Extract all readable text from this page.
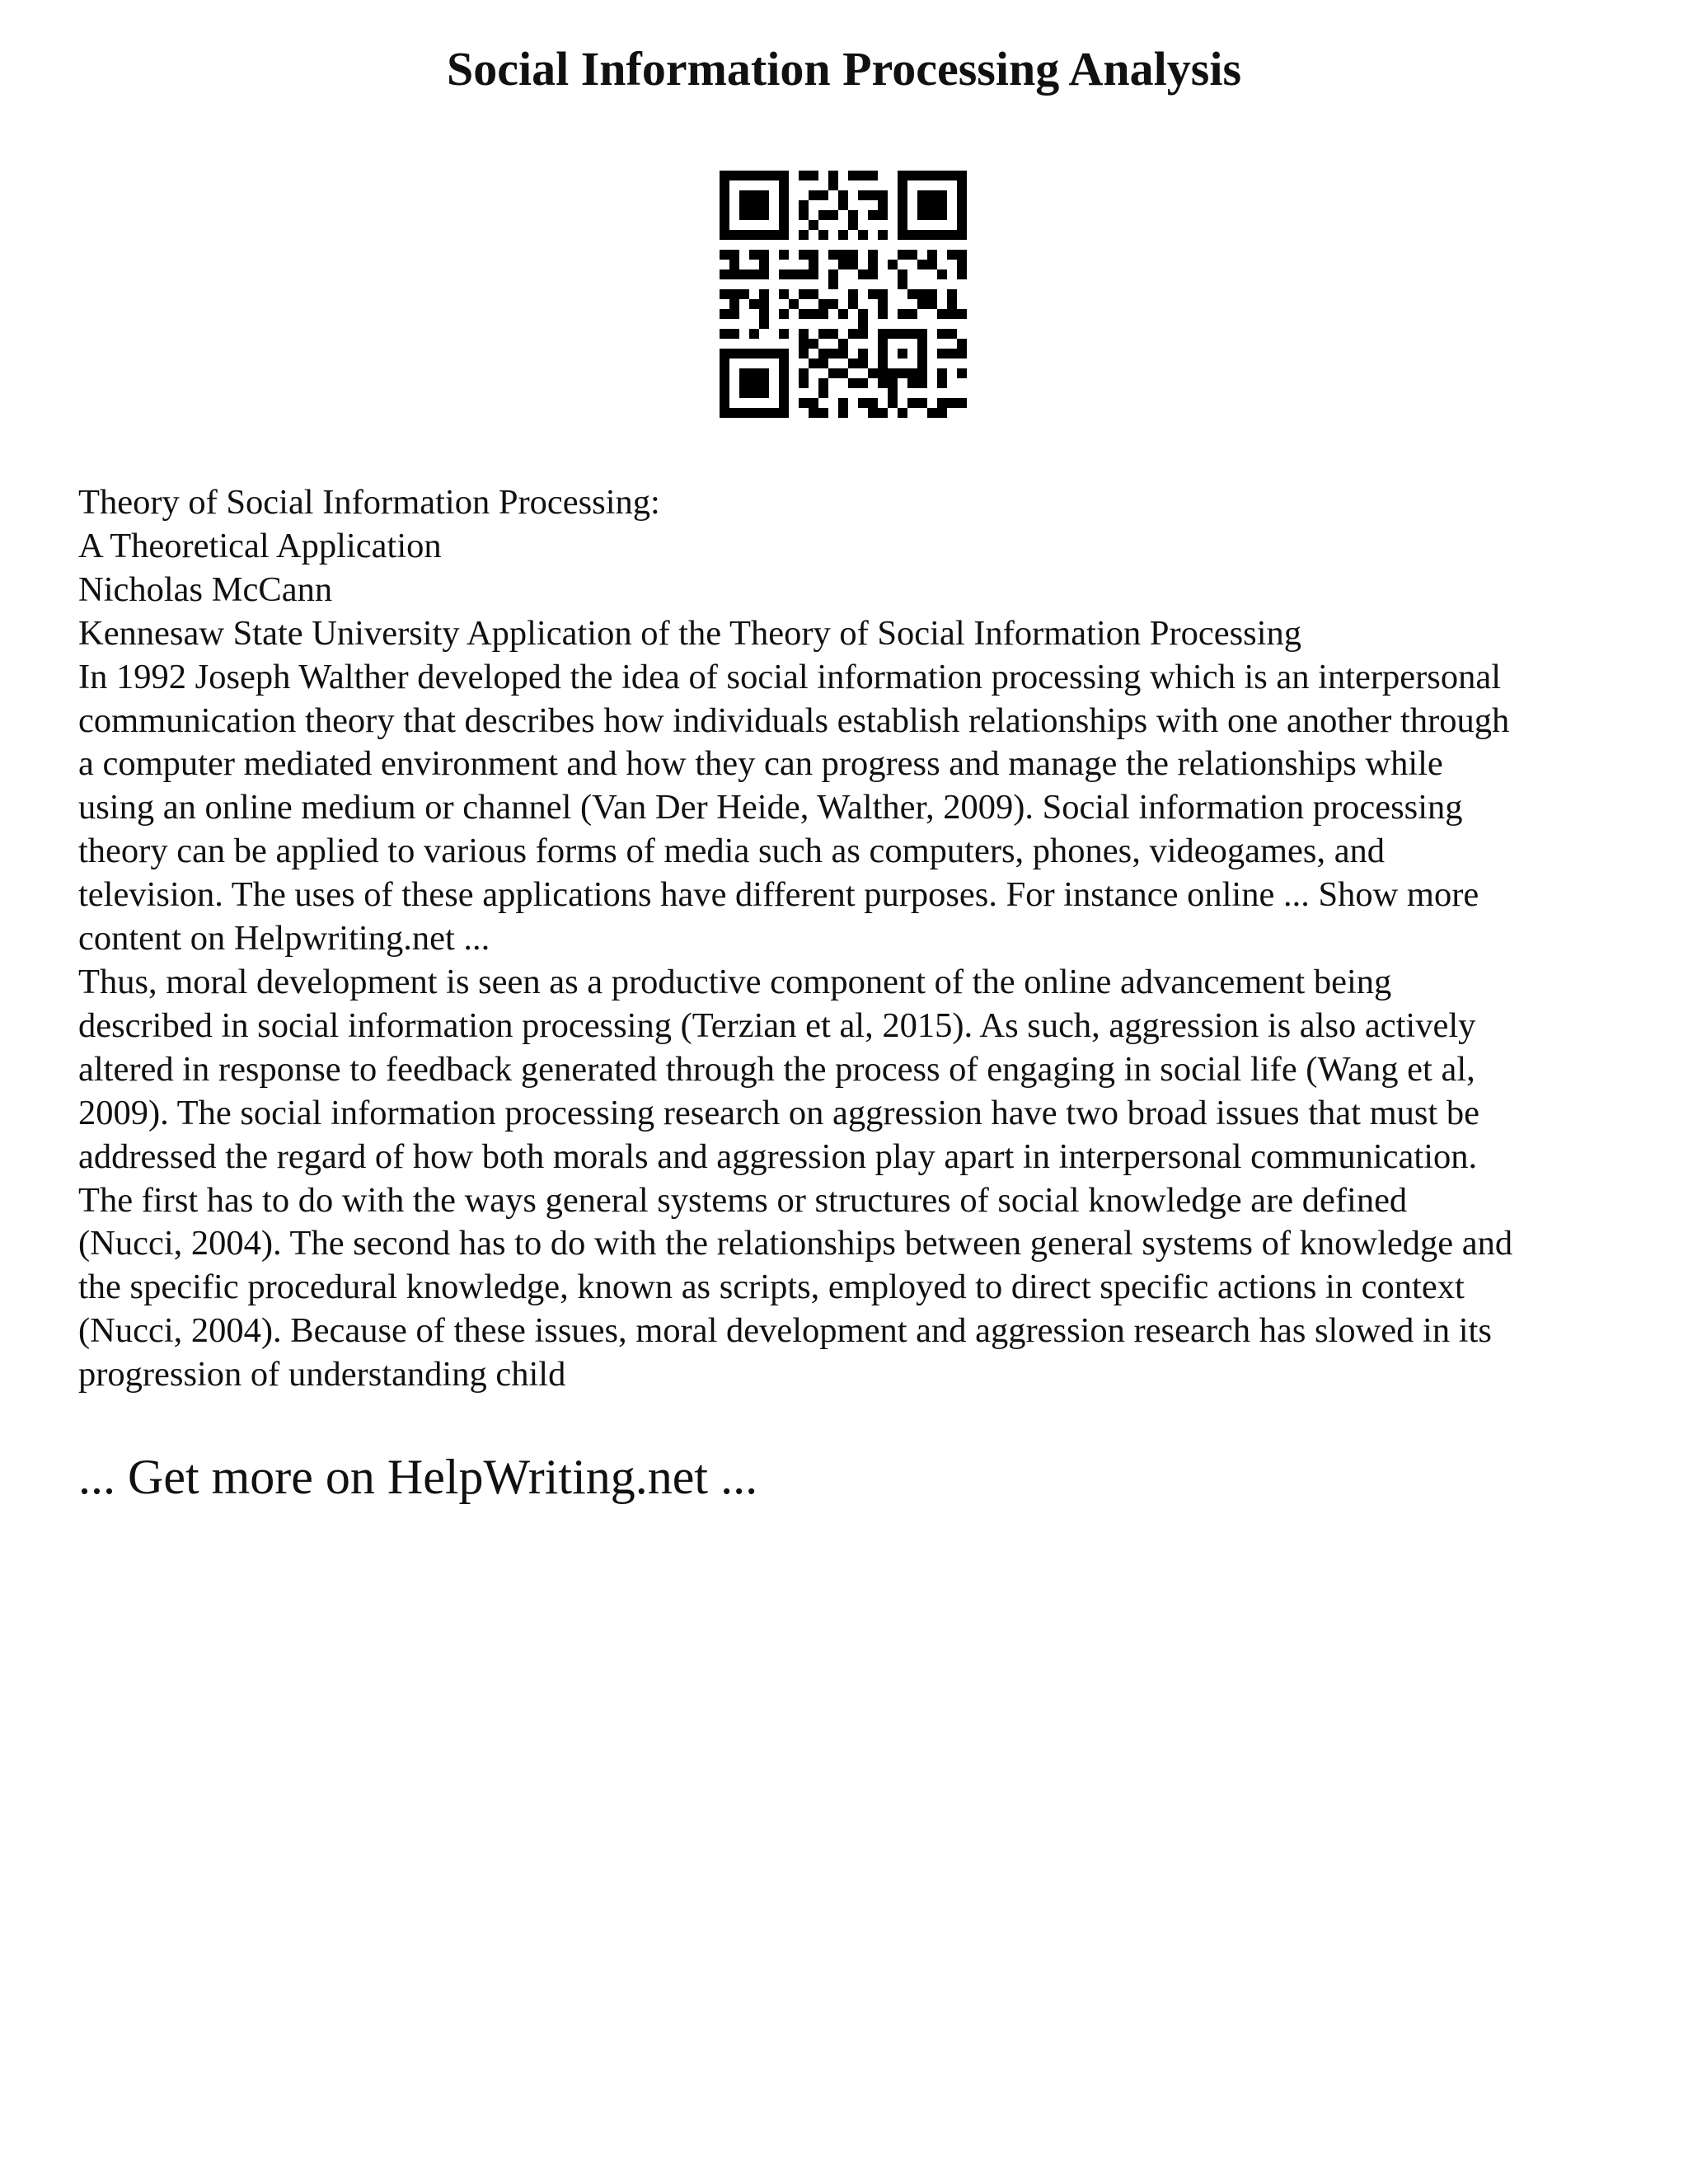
Social Information Processing Analysis

Theory of Social Information Processing:
A Theoretical Application
Nicholas McCann
Kennesaw State University Application of the Theory of Social Information Processing

In 1992 Joseph Walther developed the idea of social information processing which is an interpersonal
communication theory that describes how individuals establish relationships with one another through
a computer mediated environment and how they can progress and manage the relationships while
using an online medium or channel (Van Der Heide, Walther, 2009). Social information processing
theory can be applied to various forms of media such as computers, phones, videogames, and
television. The uses of these applications have different purposes. For instance online ... Show more
content on Helpwriting.net ...

Thus, moral development is seen as a productive component of the online advancement being
described in social information processing (Terzian et al, 2015). As such, aggression is also actively
altered in response to feedback generated through the process of engaging in social life (Wang et al,
2009). The social information processing research on aggression have two broad issues that must be
addressed the regard of how both morals and aggression play apart in interpersonal communication.
The first has to do with the ways general systems or structures of social knowledge are defined
(Nucci, 2004). The second has to do with the relationships between general systems of knowledge and
the specific procedural knowledge, known as scripts, employed to direct specific actions in context
(Nucci, 2004). Because of these issues, moral development and aggression research has slowed in its
progression of understanding child

... Get more on HelpWriting.net ...
